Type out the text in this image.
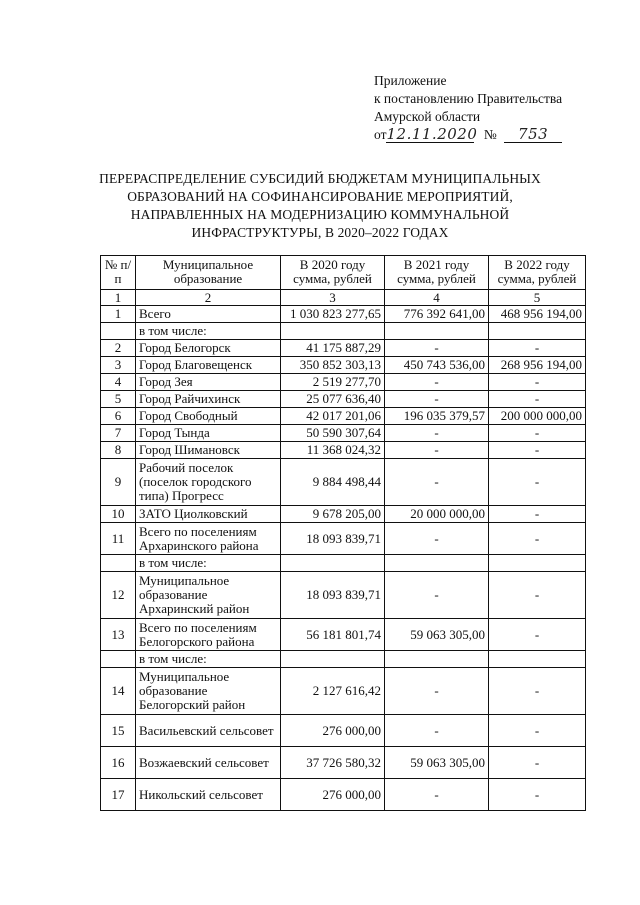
Приложение
к постановлению Правительства
Амурской области
от12.11.2020 № 753
ПЕРЕРАСПРЕДЕЛЕНИЕ СУБСИДИЙ БЮДЖЕТАМ МУНИЦИПАЛЬНЫХ
ОБРАЗОВАНИЙ НА СОФИНАНСИРОВАНИЕ МЕРОПРИЯТИЙ,
НАПРАВЛЕННЫХ НА МОДЕРНИЗАЦИЮ КОММУНАЛЬНОЙ
ИНФРАСТРУКТУРЫ, В 2020–2022 ГОДАХ
№ п/п	Муниципальное образование	В 2020 году сумма, рублей	В 2021 году сумма, рублей	В 2022 году сумма, рублей
1	2	3	4	5
1	Всего	1 030 823 277,65	776 392 641,00	468 956 194,00
	в том числе:			
2	Город Белогорск	41 175 887,29	-	-
3	Город Благовещенск	350 852 303,13	450 743 536,00	268 956 194,00
4	Город Зея	2 519 277,70	-	-
5	Город Райчихинск	25 077 636,40	-	-
6	Город Свободный	42 017 201,06	196 035 379,57	200 000 000,00
7	Город Тында	50 590 307,64	-	-
8	Город Шимановск	11 368 024,32	-	-
9	Рабочий поселок (поселок городского типа) Прогресс	9 884 498,44	-	-
10	ЗАТО Циолковский	9 678 205,00	20 000 000,00	-
11	Всего по поселениям Архаринского района	18 093 839,71	-	-
	в том числе:			
12	Муниципальное образование Архаринский район	18 093 839,71	-	-
13	Всего по поселениям Белогорского района	56 181 801,74	59 063 305,00	-
	в том числе:			
14	Муниципальное образование Белогорский район	2 127 616,42	-	-
15	Васильевский сельсовет	276 000,00	-	-
16	Возжаевский сельсовет	37 726 580,32	59 063 305,00	-
17	Никольский сельсовет	276 000,00	-	-
